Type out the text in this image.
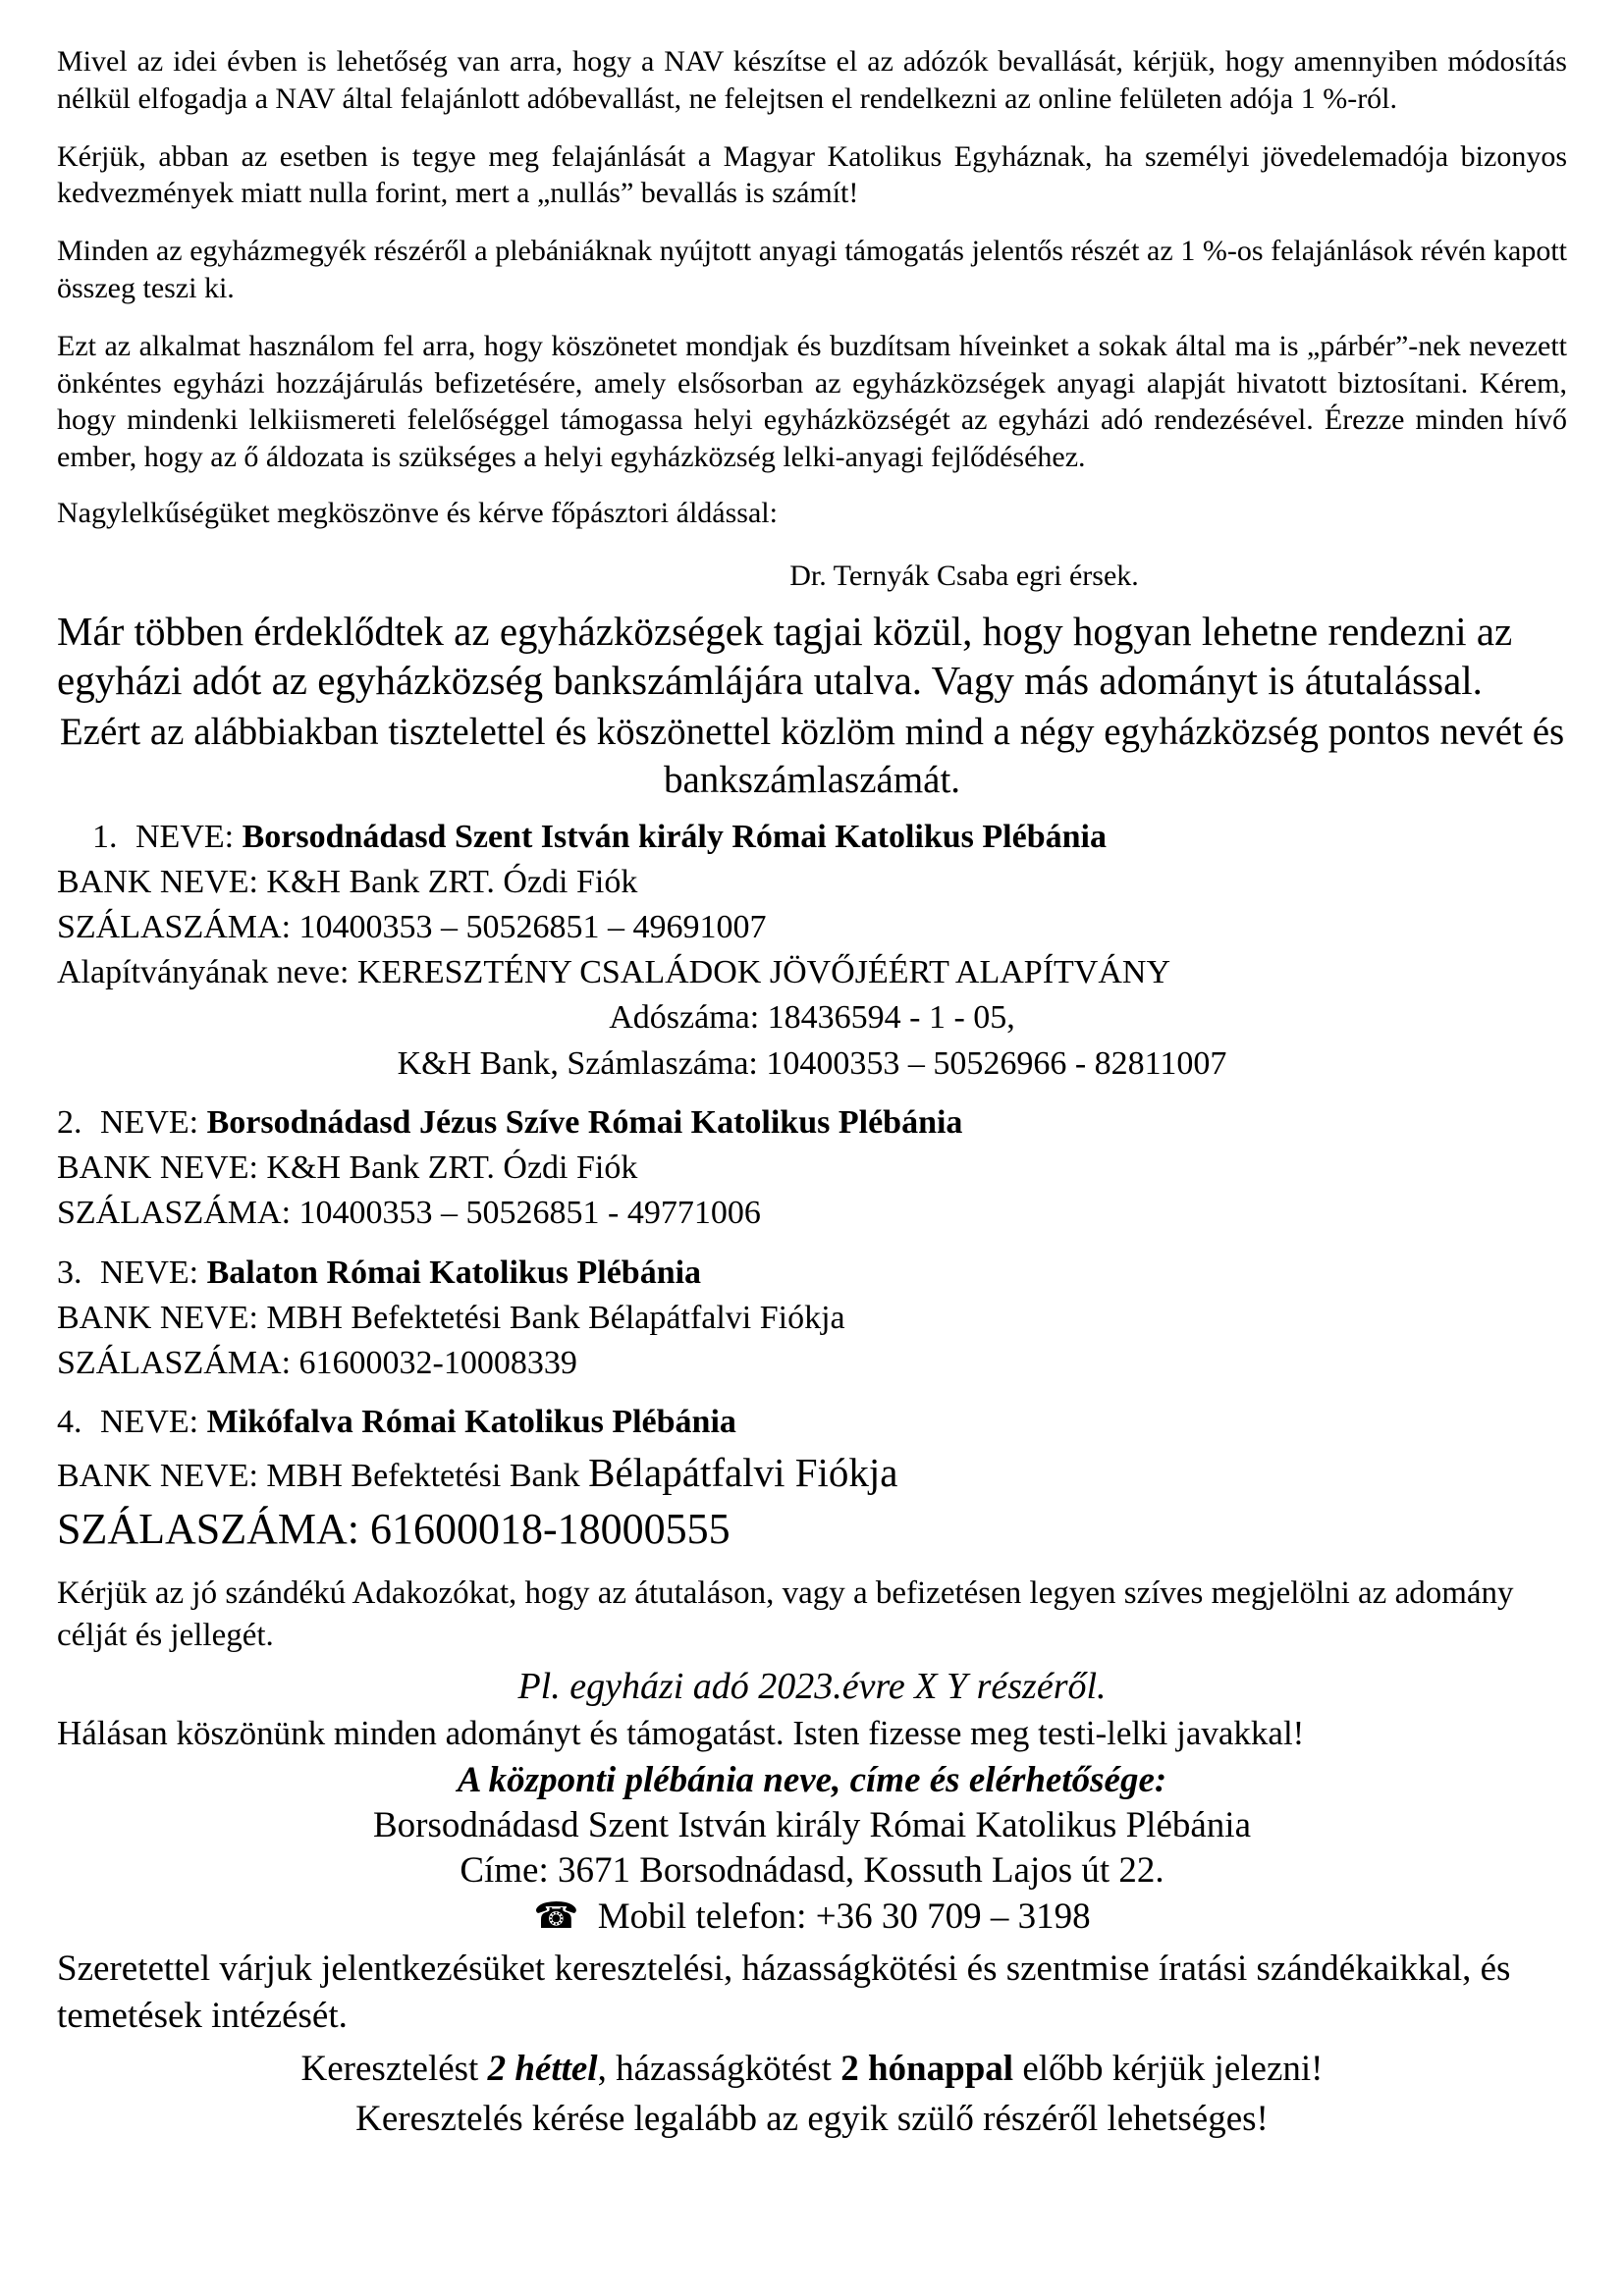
Mivel az idei évben is lehetőség van arra, hogy a NAV készítse el az adózók bevallását, kérjük, hogy amennyiben módosítás nélkül elfogadja a NAV által felajánlott adóbevallást, ne felejtsen el rendelkezni az online felületen adója 1 %-ról.

Kérjük, abban az esetben is tegye meg felajánlását a Magyar Katolikus Egyháznak, ha személyi jövedelemadója bizonyos kedvezmények miatt nulla forint, mert a „nullás” bevallás is számít!

Minden az egyházmegyék részéről a plebániáknak nyújtott anyagi támogatás jelentős részét az 1 %-os felajánlások révén kapott összeg teszi ki.

Ezt az alkalmat használom fel arra, hogy köszönetet mondjak és buzdítsam híveinket a sokak által ma is „párbér”-nek nevezett önkéntes egyházi hozzájárulás befizetésére, amely elsősorban az egyházközségek anyagi alapját hivatott biztosítani. Kérem, hogy mindenki lelkiismereti felelőséggel támogassa helyi egyházközségét az egyházi adó rendezésével. Érezze minden hívő ember, hogy az ő áldozata is szükséges a helyi egyházközség lelki-anyagi fejlődéséhez.

Nagylelkűségüket megköszönve és kérve főpásztori áldással:

Dr. Ternyák Csaba egri érsek.

Már többen érdeklődtek az egyházközségek tagjai közül, hogy hogyan lehetne rendezni az egyházi adót az egyházközség bankszámlájára utalva. Vagy más adományt is átutalással.

Ezért az alábbiakban tisztelettel és köszönettel közlöm mind a négy egyházközség pontos nevét és bankszámlaszámát.

1. NEVE: Borsodnádasd Szent István király Római Katolikus Plébánia

BANK NEVE: K&H Bank ZRT. Ózdi Fiók

SZÁLASZÁMA: 10400353 – 50526851 – 49691007

Alapítványának neve: KERESZTÉNY CSALÁDOK JÖVŐJÉÉRT ALAPÍTVÁNY

Adószáma: 18436594 - 1 - 05,

K&H Bank, Számlaszáma: 10400353 – 50526966 - 82811007

2. NEVE: Borsodnádasd Jézus Szíve Római Katolikus Plébánia

BANK NEVE: K&H Bank ZRT. Ózdi Fiók

SZÁLASZÁMA: 10400353 – 50526851 - 49771006

3. NEVE: Balaton Római Katolikus Plébánia

BANK NEVE: MBH Befektetési Bank Bélapátfalvi Fiókja

SZÁLASZÁMA: 61600032-10008339

4. NEVE: Mikófalva Római Katolikus Plébánia

BANK NEVE: MBH Befektetési Bank Bélapátfalvi Fiókja

SZÁLASZÁMA: 61600018-18000555

Kérjük az jó szándékú Adakozókat, hogy az átutaláson, vagy a befizetésen legyen szíves megjelölni az adomány célját és jellegét.

Pl. egyházi adó 2023.évre X Y részéről.

Hálásan köszönünk minden adományt és támogatást. Isten fizesse meg testi-lelki javakkal!

A központi plébánia neve, címe és elérhetősége:

Borsodnádasd Szent István király Római Katolikus Plébánia

Címe: 3671 Borsodnádasd, Kossuth Lajos út 22.

☎ Mobil telefon: +36 30 709 – 3198

Szeretettel várjuk jelentkezésüket keresztelési, házasságkötési és szentmise íratási szándékaikkal, és temetések intézését.

Keresztelést 2 héttel, házasságkötést 2 hónappal előbb kérjük jelezni!

Keresztelés kérése legalább az egyik szülő részéről lehetséges!
